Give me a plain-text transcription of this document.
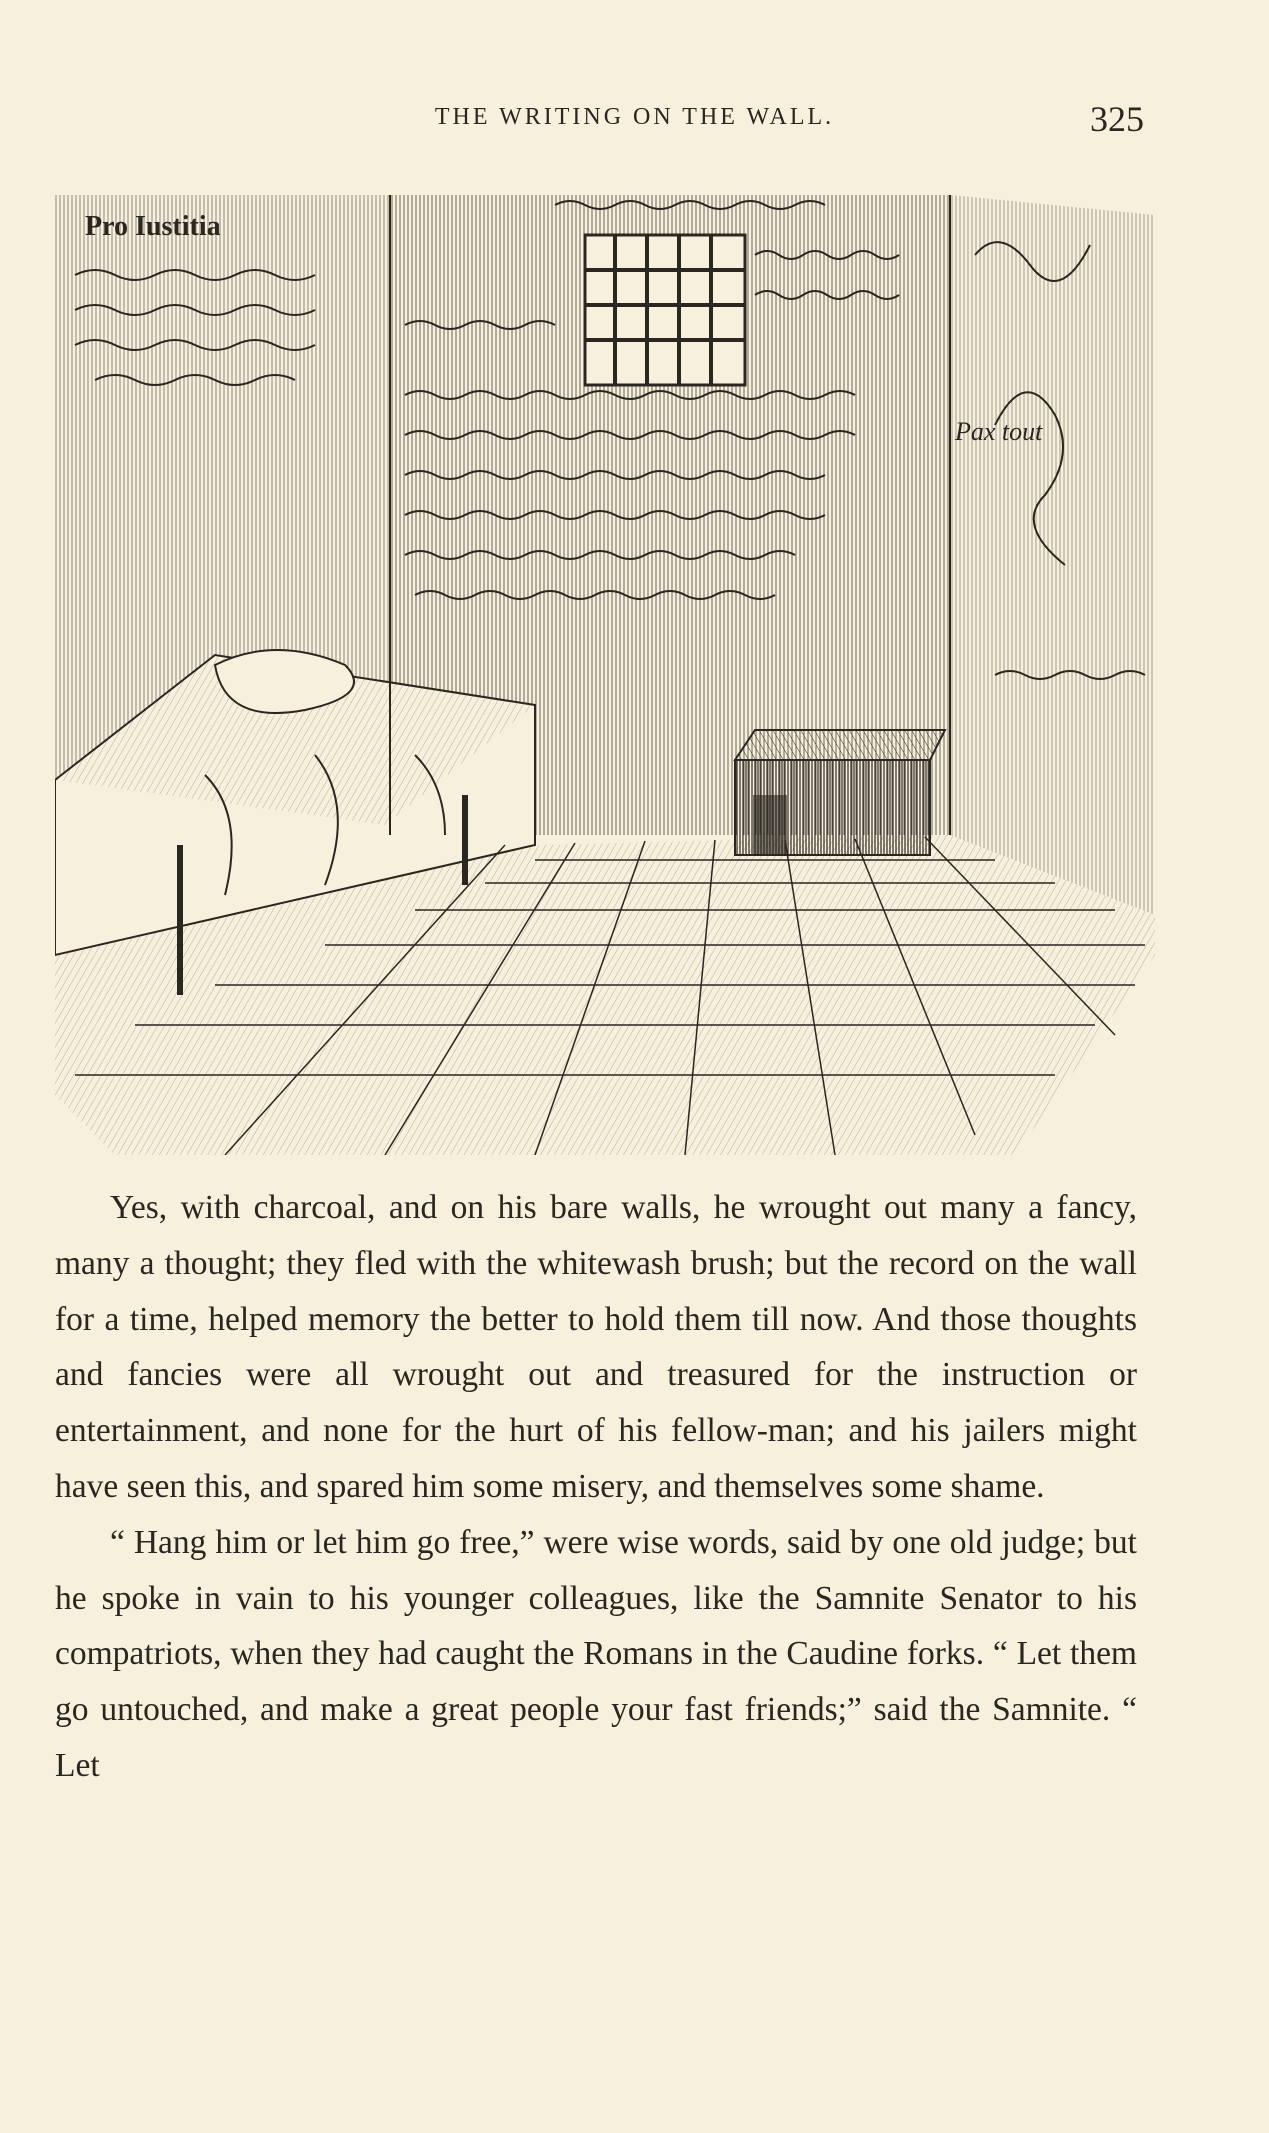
THE WRITING ON THE WALL.	325
Pro Iustitia
Pax tout

Yes, with charcoal, and on his bare walls, he wrought out many a fancy, many a thought; they fled with the whitewash brush; but the record on the wall for a time, helped memory the better to hold them till now. And those thoughts and fancies were all wrought out and treasured for the instruction or entertainment, and none for the hurt of his fellow-man; and his jailers might have seen this, and spared him some misery, and themselves some shame.

“ Hang him or let him go free,” were wise words, said by one old judge; but he spoke in vain to his younger colleagues, like the Samnite Senator to his compatriots, when they had caught the Romans in the Caudine forks. “ Let them go untouched, and make a great people your fast friends;” said the Samnite. “ Let
